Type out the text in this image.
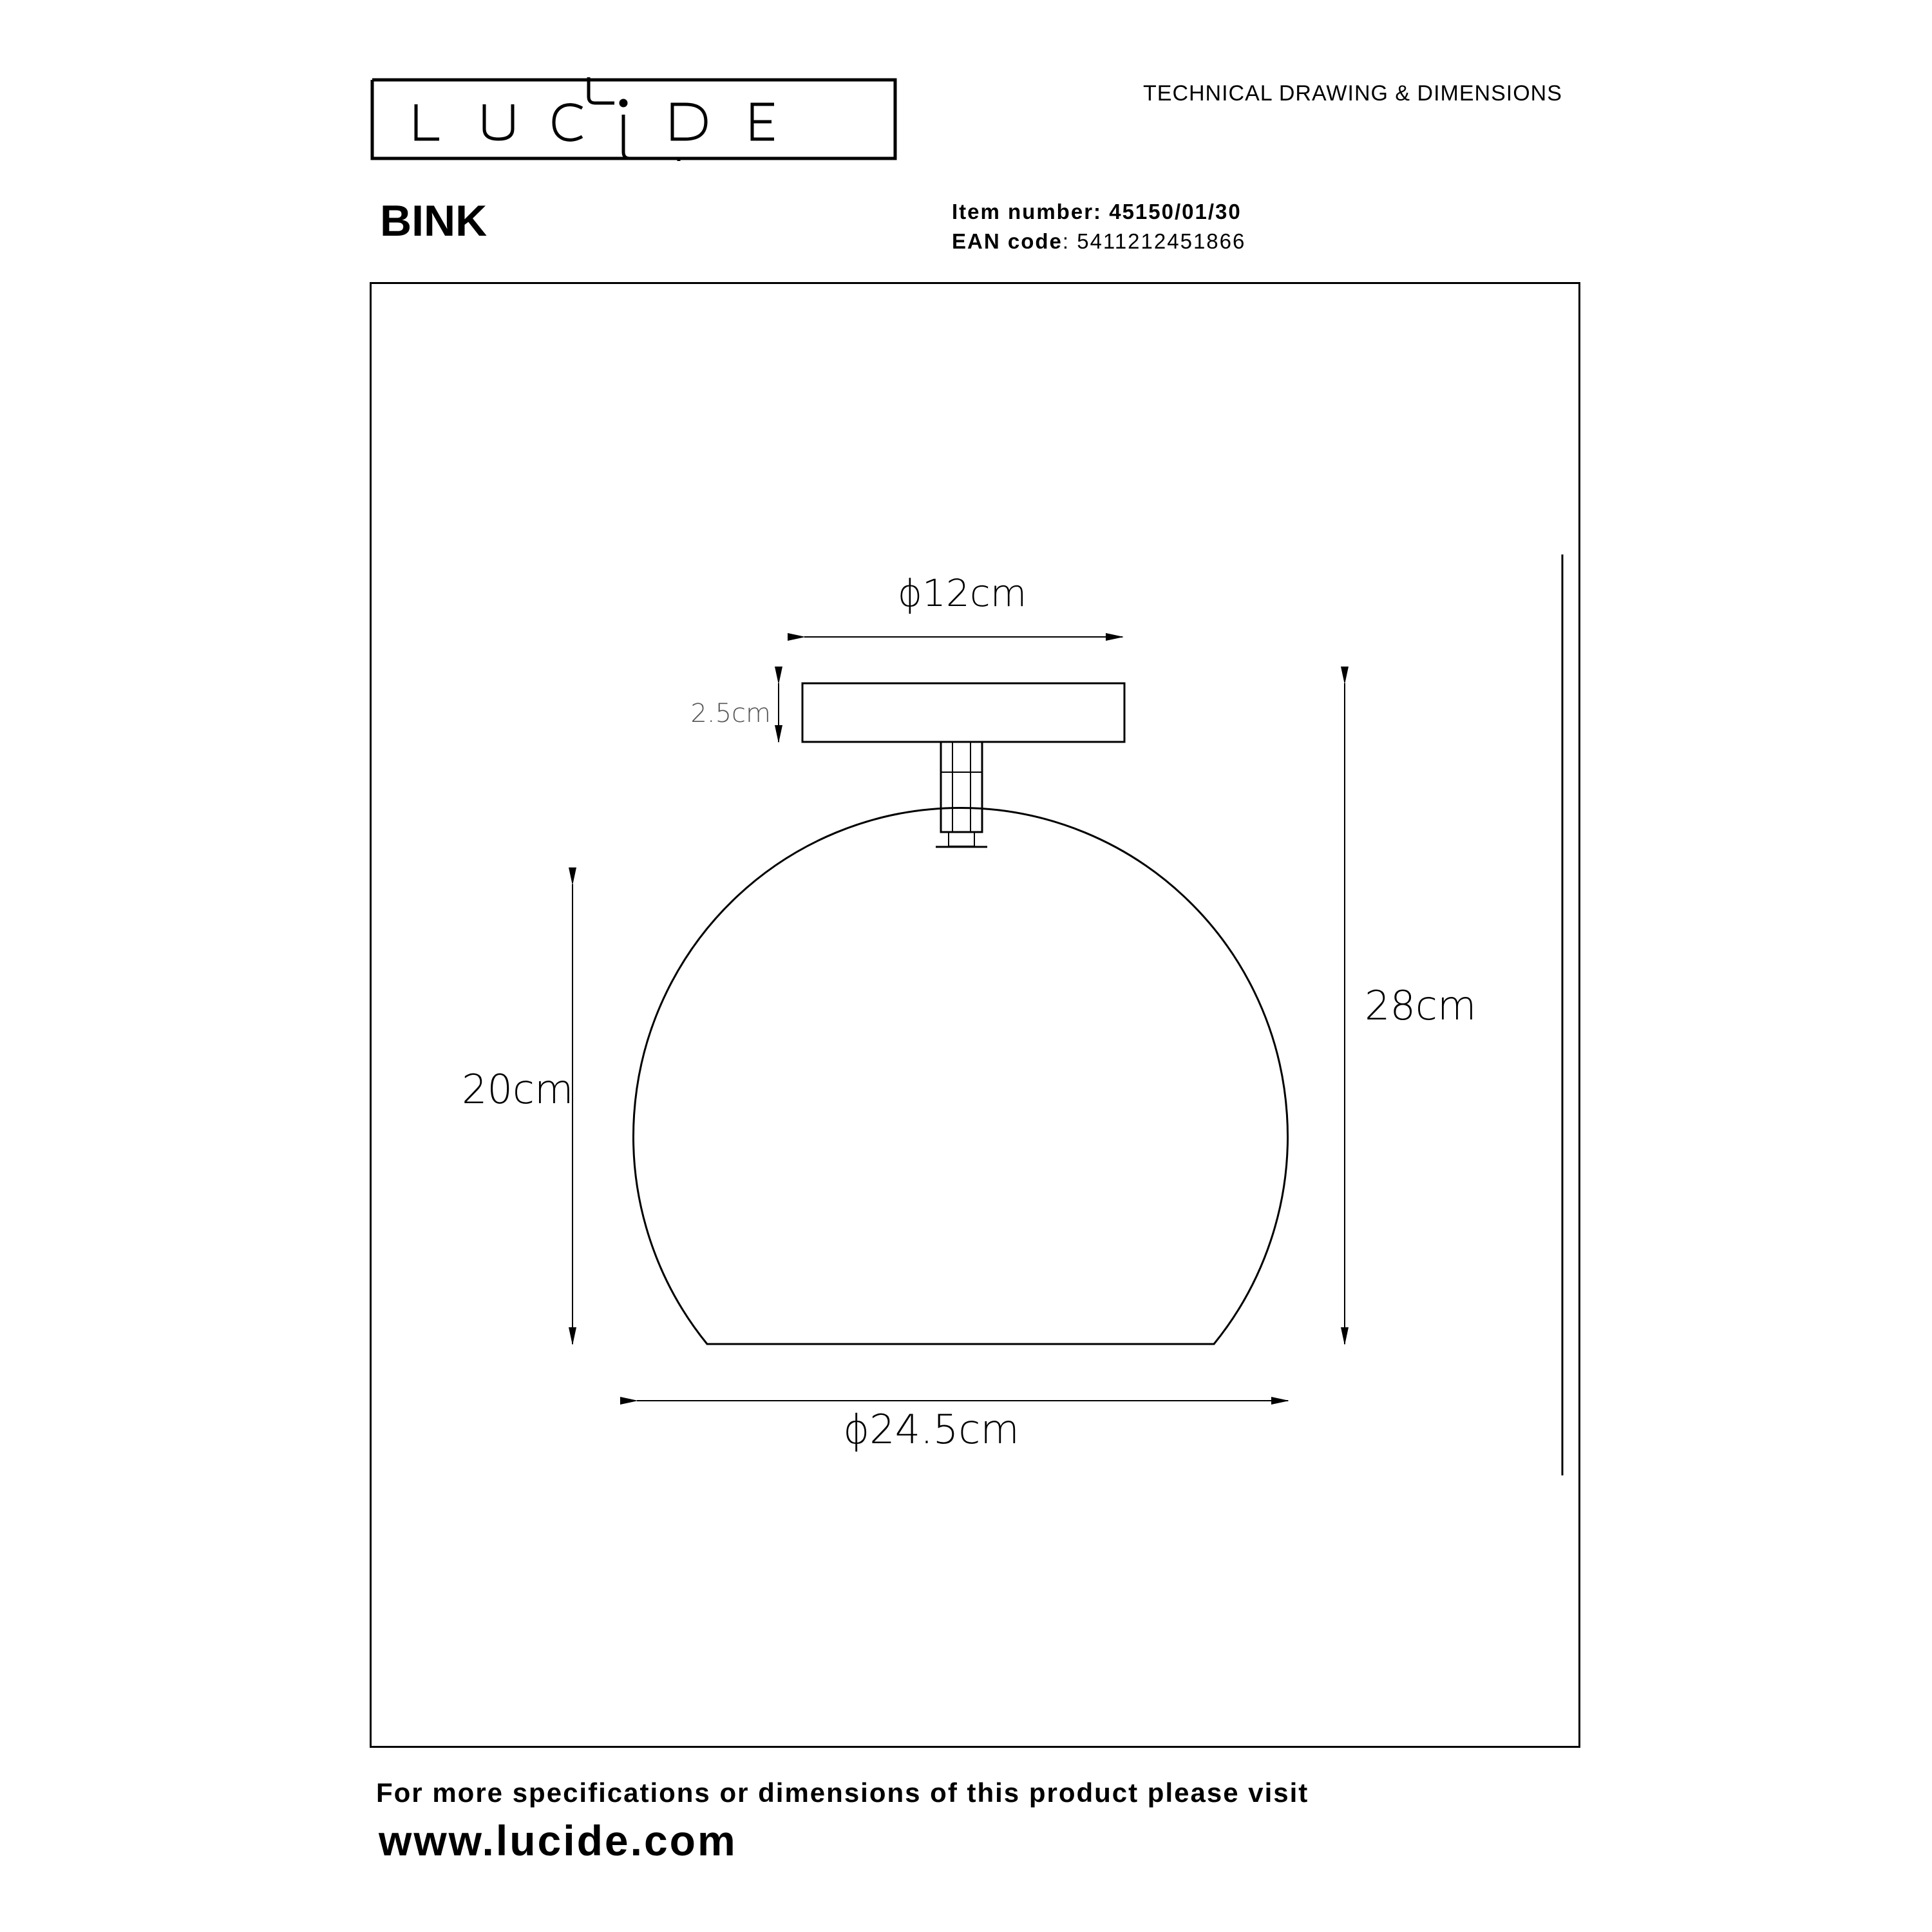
TECHNICAL DRAWING & DIMENSIONS
BINK	Item number: 45150/01/30
EAN code: 5411212451866
ϕ12cm
2.5cm
20cm
28cm
ϕ24.5cm
For more specifications or dimensions of this product please visit
www.lucide.com
